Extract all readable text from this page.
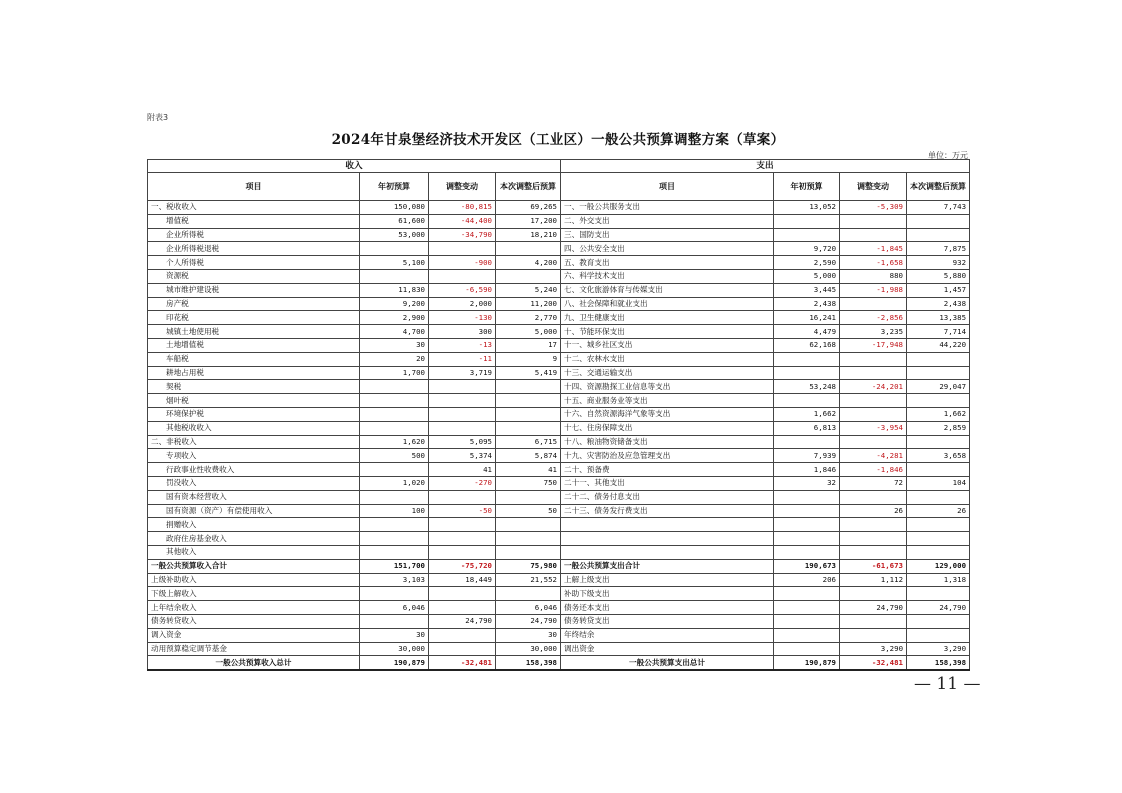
附表3
2024年甘泉堡经济技术开发区（工业区）一般公共预算调整方案（草案）
单位：万元
收入				支出			
项目	年初预算	调整变动	本次调整后预算	项目	年初预算	调整变动	本次调整后预算
一、税收收入	150,080	-80,815	69,265	一、一般公共服务支出	13,052	-5,309	7,743
增值税	61,600	-44,400	17,200	二、外交支出			
企业所得税	53,000	-34,790	18,210	三、国防支出			
企业所得税退税				四、公共安全支出	9,720	-1,845	7,875
个人所得税	5,100	-900	4,200	五、教育支出	2,590	-1,658	932
资源税				六、科学技术支出	5,000	880	5,880
城市维护建设税	11,830	-6,590	5,240	七、文化旅游体育与传媒支出	3,445	-1,988	1,457
房产税	9,200	2,000	11,200	八、社会保障和就业支出	2,438		2,438
印花税	2,900	-130	2,770	九、卫生健康支出	16,241	-2,856	13,385
城镇土地使用税	4,700	300	5,000	十、节能环保支出	4,479	3,235	7,714
土地增值税	30	-13	17	十一、城乡社区支出	62,168	-17,948	44,220
车船税	20	-11	9	十二、农林水支出			
耕地占用税	1,700	3,719	5,419	十三、交通运输支出			
契税				十四、资源勘探工业信息等支出	53,248	-24,201	29,047
烟叶税				十五、商业服务业等支出			
环境保护税				十六、自然资源海洋气象等支出	1,662		1,662
其他税收收入				十七、住房保障支出	6,813	-3,954	2,859
二、非税收入	1,620	5,095	6,715	十八、粮油物资储备支出			
专项收入	500	5,374	5,874	十九、灾害防治及应急管理支出	7,939	-4,281	3,658
行政事业性收费收入		41	41	二十、预备费	1,846	-1,846	
罚没收入	1,020	-270	750	二十一、其他支出	32	72	104
国有资本经营收入				二十二、债务付息支出			
国有资源（资产）有偿使用收入	100	-50	50	二十三、债务发行费支出		26	26
捐赠收入							
政府住房基金收入							
其他收入							
一般公共预算收入合计	151,700	-75,720	75,980	一般公共预算支出合计	190,673	-61,673	129,000
上级补助收入	3,103	18,449	21,552	上解上级支出	206	1,112	1,318
下级上解收入				补助下级支出			
上年结余收入	6,046		6,046	债务还本支出		24,790	24,790
债务转贷收入		24,790	24,790	债务转贷支出			
调入资金	30		30	年终结余			
动用预算稳定调节基金	30,000		30,000	调出资金		3,290	3,290
一般公共预算收入总计	190,879	-32,481	158,398	一般公共预算支出总计	190,879	-32,481	158,398
— 11 —
